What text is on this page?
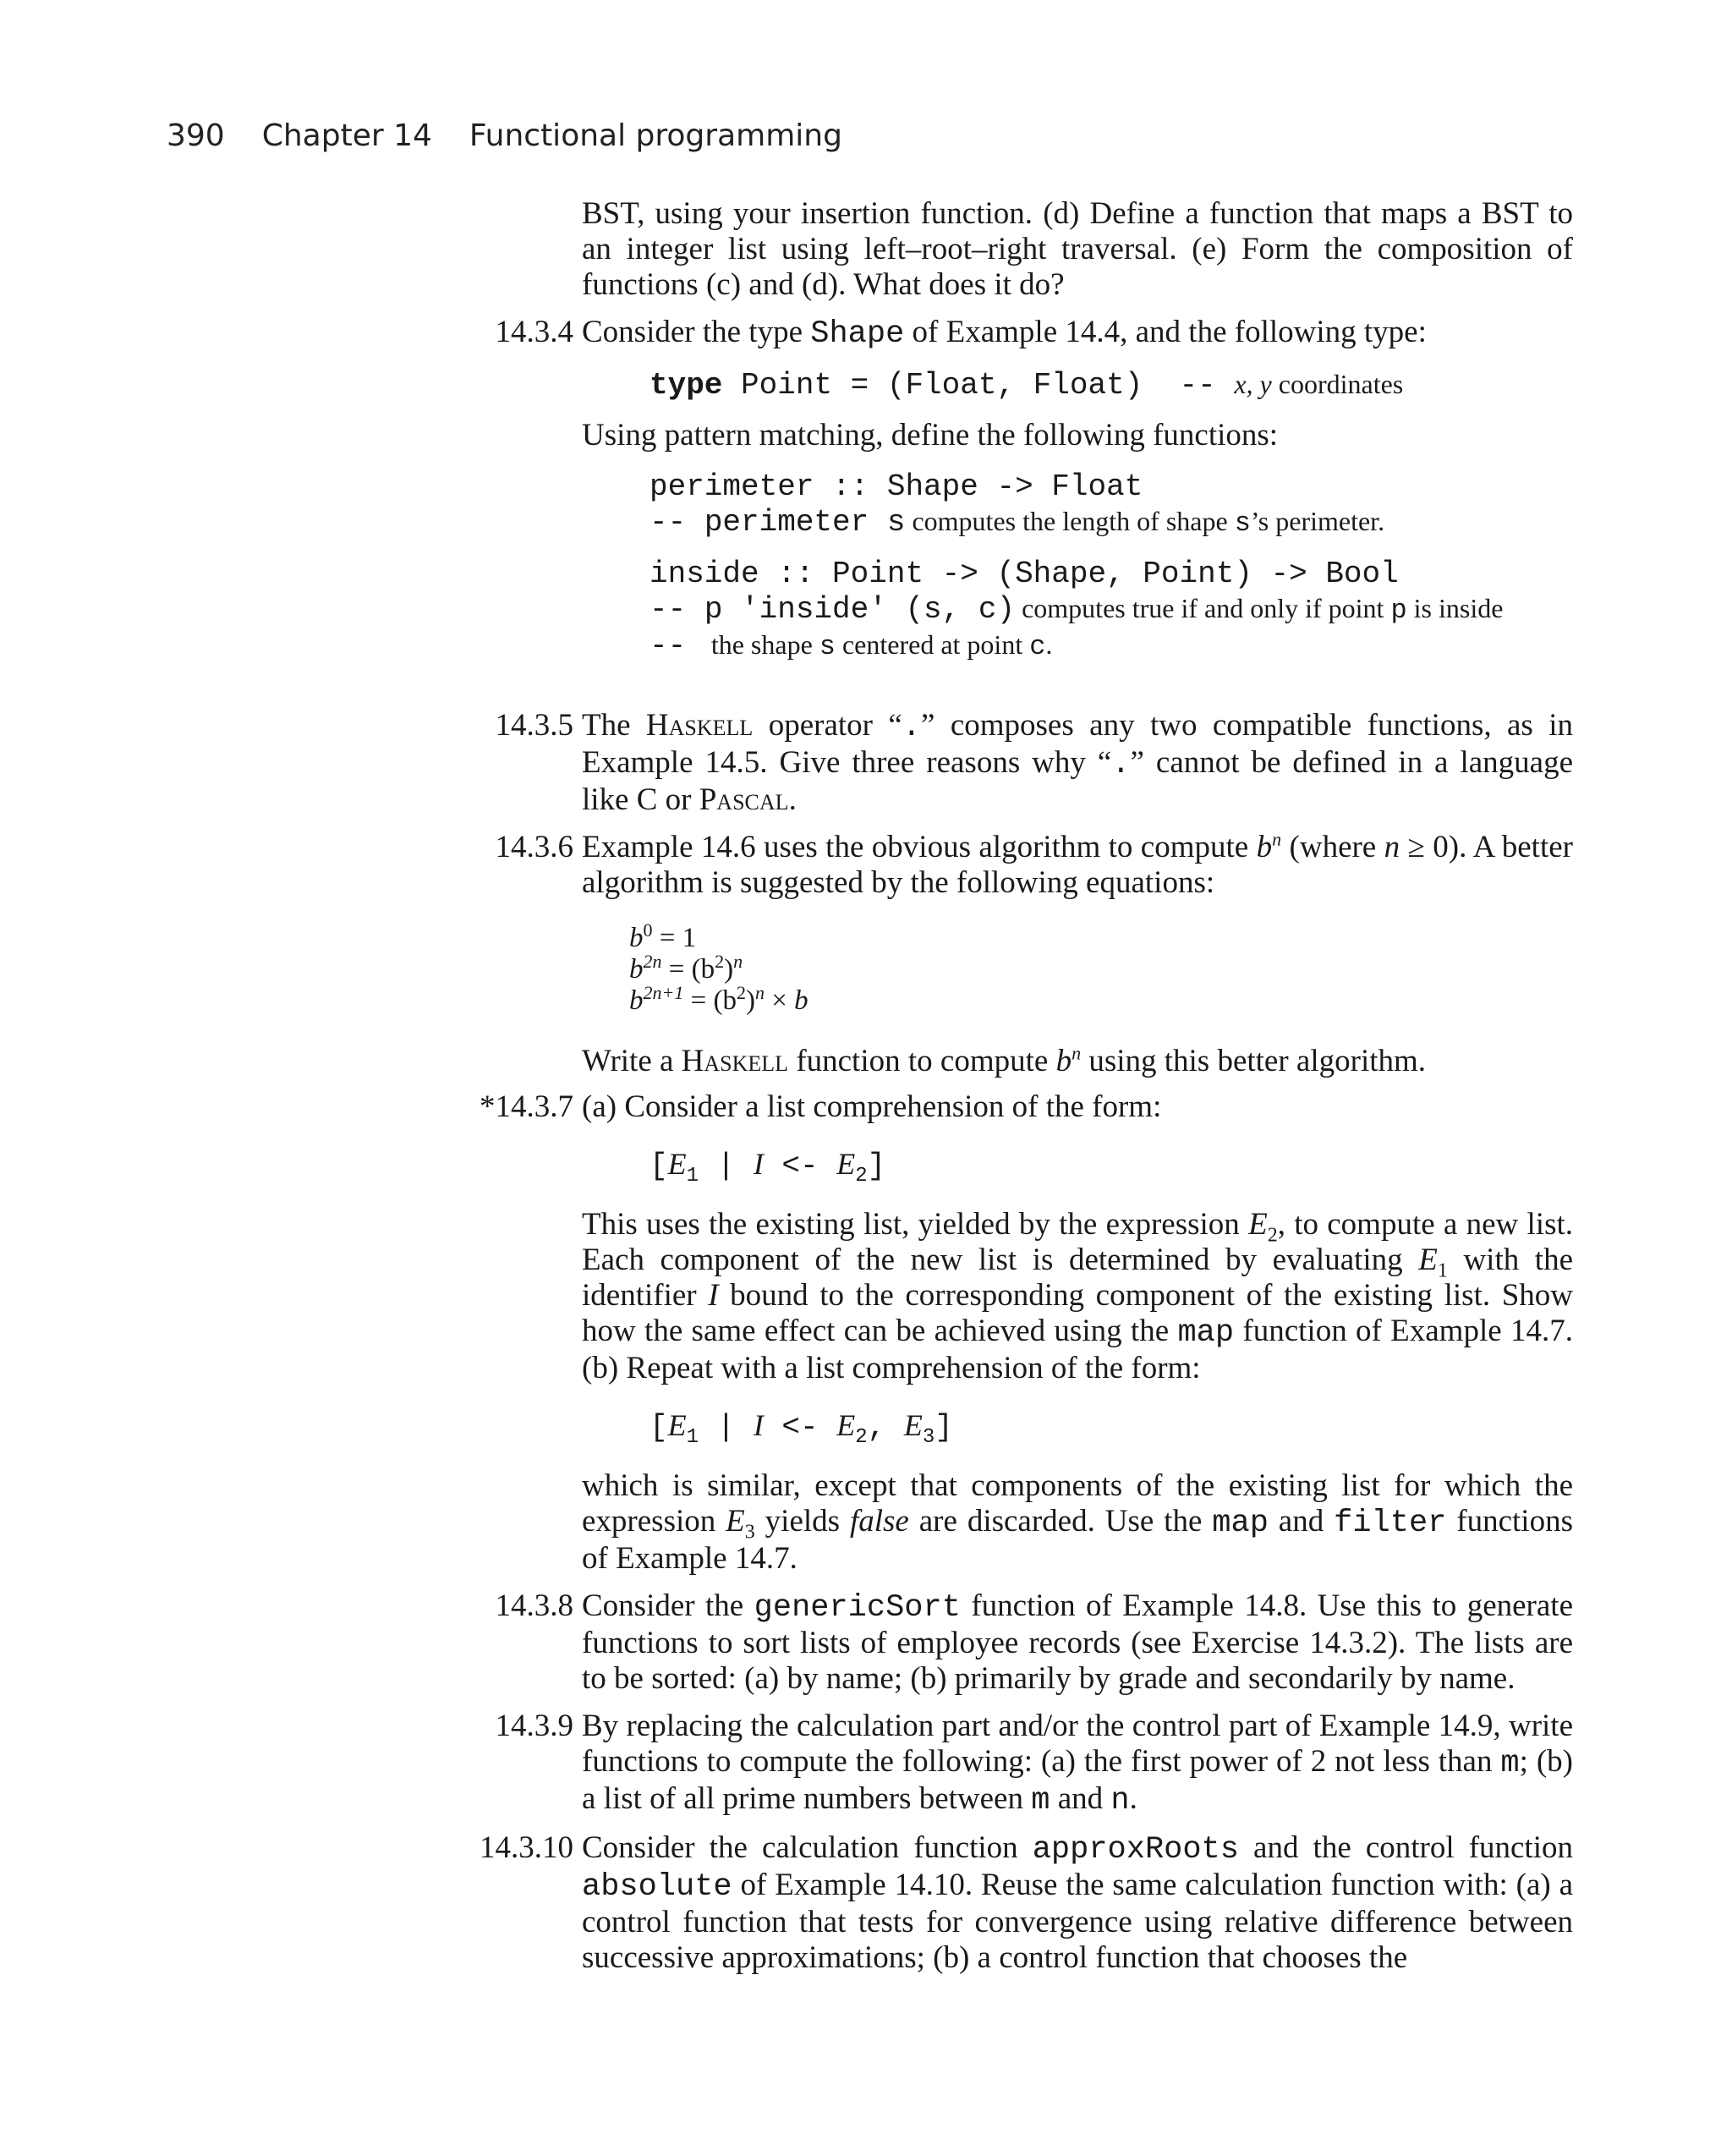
390 Chapter 14 Functional programming

BST, using your insertion function. (d) Define a function that maps a BST to an integer list using left–root–right traversal. (e) Form the composition of functions (c) and (d). What does it do?

14.3.4 Consider the type Shape of Example 14.4, and the following type:

type Point = (Float, Float)  -- x, y coordinates

Using pattern matching, define the following functions:

perimeter :: Shape -> Float
-- perimeter s computes the length of shape s’s perimeter.
inside :: Point -> (Shape, Point) -> Bool
-- p 'inside' (s, c) computes true if and only if point p is inside
--  the shape s centered at point c.
14.3.5 The Haskell operator “.” composes any two compatible functions, as in Example 14.5. Give three reasons why “.” cannot be defined in a language like C or Pascal.

14.3.6 Example 14.6 uses the obvious algorithm to compute $b^n$ (where n ≥ 0). A better algorithm is suggested by the following equations:

$b^0 = 1$
$b^{2n} = (b^2)^n$
$b^{2n+1} = (b^2)^n \times b$

Write a Haskell function to compute $b^n$ using this better algorithm.

*14.3.7 (a) Consider a list comprehension of the form:

[$E_1$ | $I <- E_2$]

This uses the existing list, yielded by the expression $E_2$, to compute a new list. Each component of the new list is determined by evaluating $E_1$ with the identifier I bound to the corresponding component of the existing list. Show how the same effect can be achieved using the map function of Example 14.7. (b) Repeat with a list comprehension of the form:

[$E_1$ | $I <- E_2$, $E_3$]

which is similar, except that components of the existing list for which the expression $E_3$ yields false are discarded. Use the map and filter functions of Example 14.7.

14.3.8 Consider the genericSort function of Example 14.8. Use this to generate functions to sort lists of employee records (see Exercise 14.3.2). The lists are to be sorted: (a) by name; (b) primarily by grade and secondarily by name.

14.3.9 By replacing the calculation part and/or the control part of Example 14.9, write functions to compute the following: (a) the first power of 2 not less than m; (b) a list of all prime numbers between m and n.

14.3.10 Consider the calculation function approxRoots and the control function absolute of Example 14.10. Reuse the same calculation function with: (a) a control function that tests for convergence using relative difference between successive approximations; (b) a control function that chooses the
